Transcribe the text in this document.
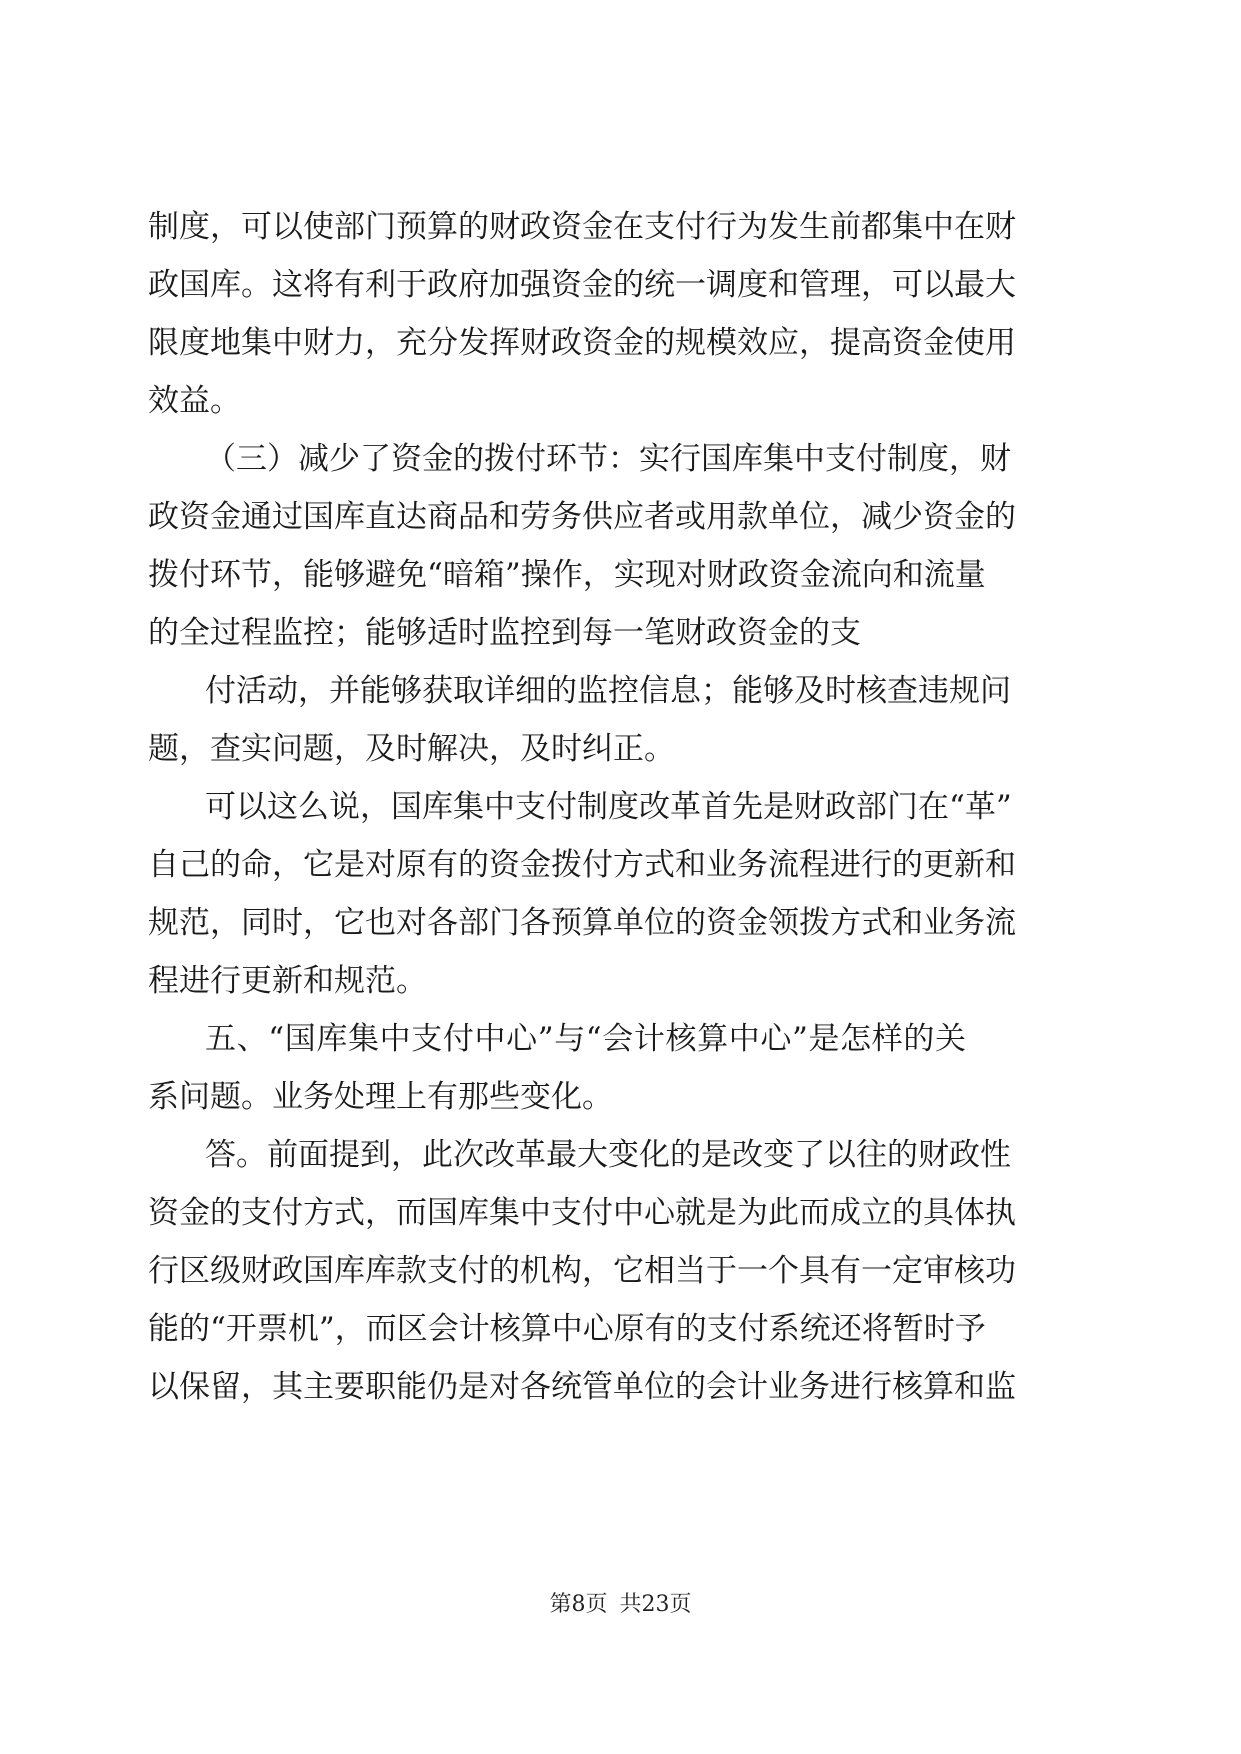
制度，可以使部门预算的财政资金在支付行为发生前都集中在财
政国库。这将有利于政府加强资金的统一调度和管理，可以最大
限度地集中财力，充分发挥财政资金的规模效应，提高资金使用
效益。
（三）减少了资金的拨付环节：实行国库集中支付制度，财
政资金通过国库直达商品和劳务供应者或用款单位，减少资金的
拨付环节，能够避免“暗箱”操作，实现对财政资金流向和流量
的全过程监控；能够适时监控到每一笔财政资金的支
付活动，并能够获取详细的监控信息；能够及时核查违规问
题，查实问题，及时解决，及时纠正。
可以这么说，国库集中支付制度改革首先是财政部门在“革”
自己的命，它是对原有的资金拨付方式和业务流程进行的更新和
规范，同时，它也对各部门各预算单位的资金领拨方式和业务流
程进行更新和规范。
五、“国库集中支付中心”与“会计核算中心”是怎样的关
系问题。业务处理上有那些变化。
答。前面提到，此次改革最大变化的是改变了以往的财政性
资金的支付方式，而国库集中支付中心就是为此而成立的具体执
行区级财政国库库款支付的机构，它相当于一个具有一定审核功
能的“开票机”，而区会计核算中心原有的支付系统还将暂时予
以保留，其主要职能仍是对各统管单位的会计业务进行核算和监
第8页 共23页
